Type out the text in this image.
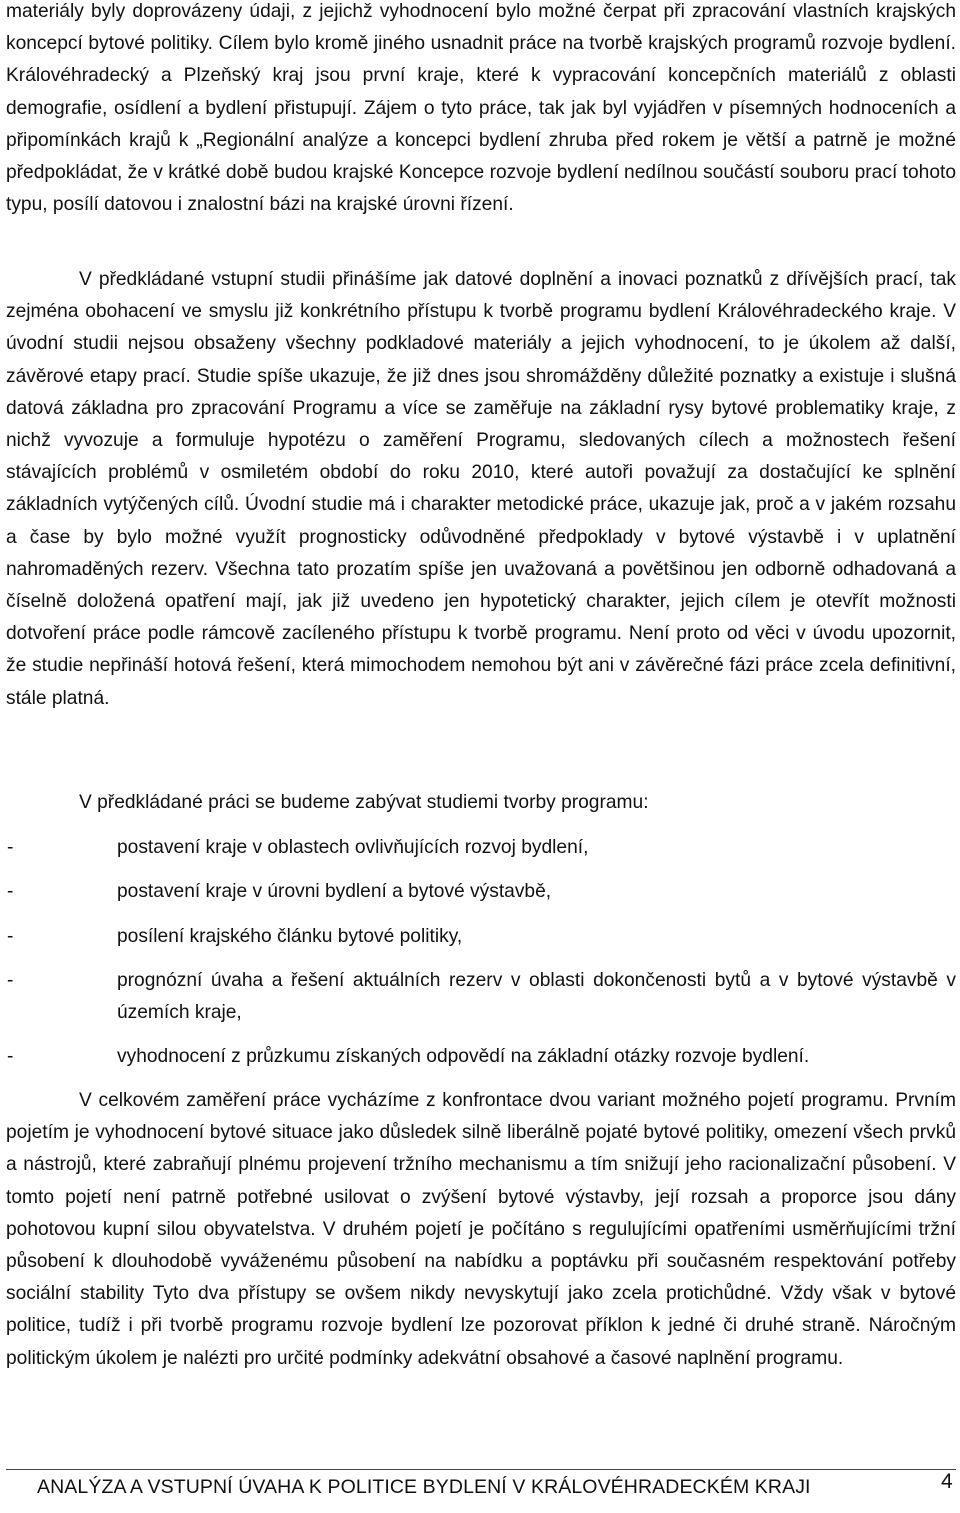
materiály byly doprovázeny údaji, z jejichž vyhodnocení bylo možné čerpat při zpracování vlastních krajských koncepcí bytové politiky. Cílem bylo kromě jiného usnadnit práce na tvorbě krajských programů rozvoje bydlení. Královéhradecký a Plzeňský kraj jsou první kraje, které k vypracování koncepčních materiálů z oblasti demografie, osídlení a bydlení přistupují. Zájem o tyto práce, tak jak byl vyjádřen v písemných hodnoceních a připomínkách krajů k „Regionální analýze a koncepci bydlení zhruba před rokem je větší a patrně je možné předpokládat, že v krátké době budou krajské Koncepce rozvoje bydlení nedílnou součástí souboru prací tohoto typu, posílí datovou i znalostní bázi na krajské úrovni řízení.

V předkládané vstupní studii přinášíme jak datové doplnění a inovaci poznatků z dřívějších prací, tak zejména obohacení ve smyslu již konkrétního přístupu k tvorbě programu bydlení Královéhradeckého kraje. V úvodní studii nejsou obsaženy všechny podkladové materiály a jejich vyhodnocení, to je úkolem až další, závěrové etapy prací. Studie spíše ukazuje, že již dnes jsou shromážděny důležité poznatky a existuje i slušná datová základna pro zpracování Programu a více se zaměřuje na základní rysy bytové problematiky kraje, z nichž vyvozuje a formuluje hypotézu o zaměření Programu, sledovaných cílech a možnostech řešení stávajících problémů v osmiletém období do roku 2010, které autoři považují za dostačující ke splnění základních vytýčených cílů. Úvodní studie má i charakter metodické práce, ukazuje jak, proč a v jakém rozsahu a čase by bylo možné využít prognosticky odůvodněné předpoklady v bytové výstavbě i v uplatnění nahromaděných rezerv. Všechna tato prozatím spíše jen uvažovaná a povětšinou jen odborně odhadovaná a číselně doložená opatření mají, jak již uvedeno jen hypotetický charakter, jejich cílem je otevřít možnosti dotvoření práce podle rámcově zacíleného přístupu k tvorbě programu. Není proto od věci v úvodu upozornit, že studie nepřináší hotová řešení, která mimochodem nemohou být ani v závěrečné fázi práce zcela definitivní, stále platná.

V předkládané práci se budeme zabývat studiemi tvorby programu:

-	postavení kraje v oblastech ovlivňujících rozvoj bydlení,
-	postavení kraje v úrovni bydlení a bytové výstavbě,
-	posílení krajského článku bytové politiky,
-	prognózní úvaha a řešení aktuálních rezerv v oblasti dokončenosti bytů a v bytové výstavbě v územích kraje,
-	vyhodnocení z průzkumu získaných odpovědí na základní otázky rozvoje bydlení.

V celkovém zaměření práce vycházíme z konfrontace dvou variant možného pojetí programu. Prvním pojetím je vyhodnocení bytové situace jako důsledek silně liberálně pojaté bytové politiky, omezení všech prvků a nástrojů, které zabraňují plnému projevení tržního mechanismu a tím snižují jeho racionalizační působení. V tomto pojetí není patrně potřebné usilovat o zvýšení bytové výstavby, její rozsah a proporce jsou dány pohotovou kupní silou obyvatelstva. V druhém pojetí je počítáno s regulujícími opatřeními usměrňujícími tržní působení k dlouhodobě vyváženému působení na nabídku a poptávku při současném respektování potřeby sociální stability Tyto dva přístupy se ovšem nikdy nevyskytují jako zcela protichůdné. Vždy však v bytové politice, tudíž i při tvorbě programu rozvoje bydlení lze pozorovat příklon k jedné či druhé straně. Náročným politickým úkolem je nalézti pro určité podmínky adekvátní obsahové a časové naplnění programu.

ANALÝZA A VSTUPNÍ ÚVAHA K POLITICE BYDLENÍ V KRÁLOVÉHRADECKÉM KRAJI	4
